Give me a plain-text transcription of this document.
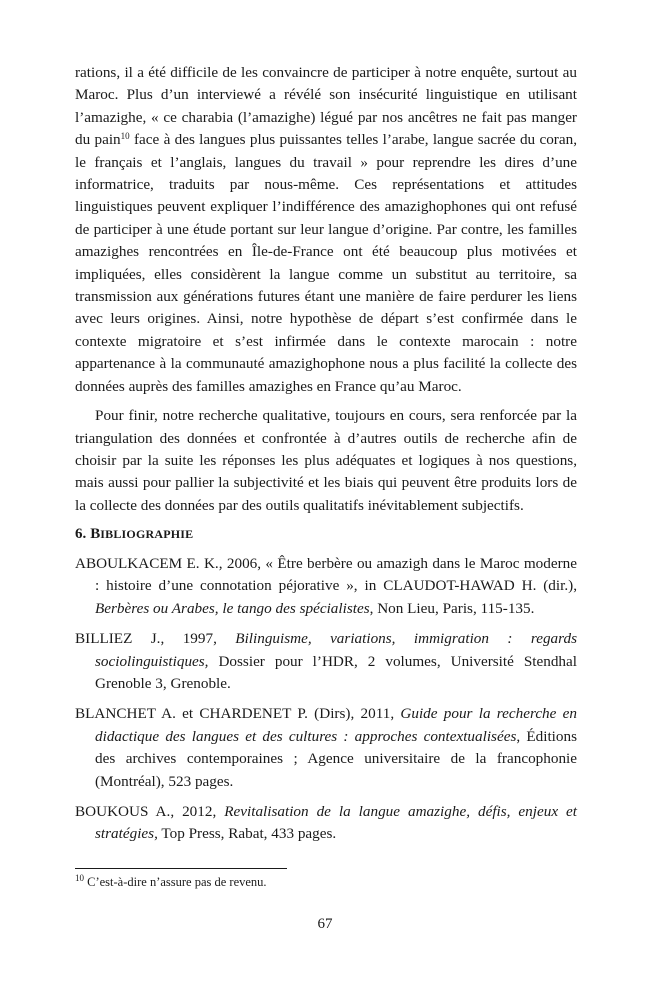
rations, il a été difficile de les convaincre de participer à notre enquête, surtout au Maroc. Plus d’un interviewé a révélé son insécurité linguistique en utilisant l’amazighe, « ce charabia (l’amazighe) légué par nos ancêtres ne fait pas manger du pain$^{10}$ face à des langues plus puissantes telles l’arabe, langue sacrée du coran, le français et l’anglais, langues du travail » pour reprendre les dires d’une informatrice, traduits par nous-même. Ces représentations et attitudes linguistiques peuvent expliquer l’indifférence des amazighophones qui ont refusé de participer à une étude portant sur leur langue d’origine. Par contre, les familles amazighes rencontrées en Île-de-France ont été beaucoup plus motivées et impliquées, elles considèrent la langue comme un substitut au territoire, sa transmission aux générations futures étant une manière de faire perdurer les liens avec leurs origines. Ainsi, notre hypothèse de départ s’est confirmée dans le contexte migratoire et s’est infirmée dans le contexte marocain : notre appartenance à la communauté amazighophone nous a plus facilité la collecte des données auprès des familles amazighes en France qu’au Maroc.

Pour finir, notre recherche qualitative, toujours en cours, sera renforcée par la triangulation des données et confrontée à d’autres outils de recherche afin de choisir par la suite les réponses les plus adéquates et logiques à nos questions, mais aussi pour pallier la subjectivité et les biais qui peuvent être produits lors de la collecte des données par des outils qualitatifs inévitablement subjectifs.

6. BIBLIOGRAPHIE

ABOULKACEM E. K., 2006, « Être berbère ou amazigh dans le Maroc moderne : histoire d’une connotation péjorative », in CLAUDOT-HAWAD H. (dir.), Berbères ou Arabes, le tango des spécialistes, Non Lieu, Paris, 115-135.

BILLIEZ J., 1997, Bilinguisme, variations, immigration : regards sociolinguistiques, Dossier pour l’HDR, 2 volumes, Université Stendhal Grenoble 3, Grenoble.

BLANCHET A. et CHARDENET P. (Dirs), 2011, Guide pour la recherche en didactique des langues et des cultures : approches contextualisées, Éditions des archives contemporaines ; Agence universitaire de la francophonie (Montréal), 523 pages.

BOUKOUS A., 2012, Revitalisation de la langue amazighe, défis, enjeux et stratégies, Top Press, Rabat, 433 pages.

$^{10}$ C’est-à-dire n’assure pas de revenu.
67
